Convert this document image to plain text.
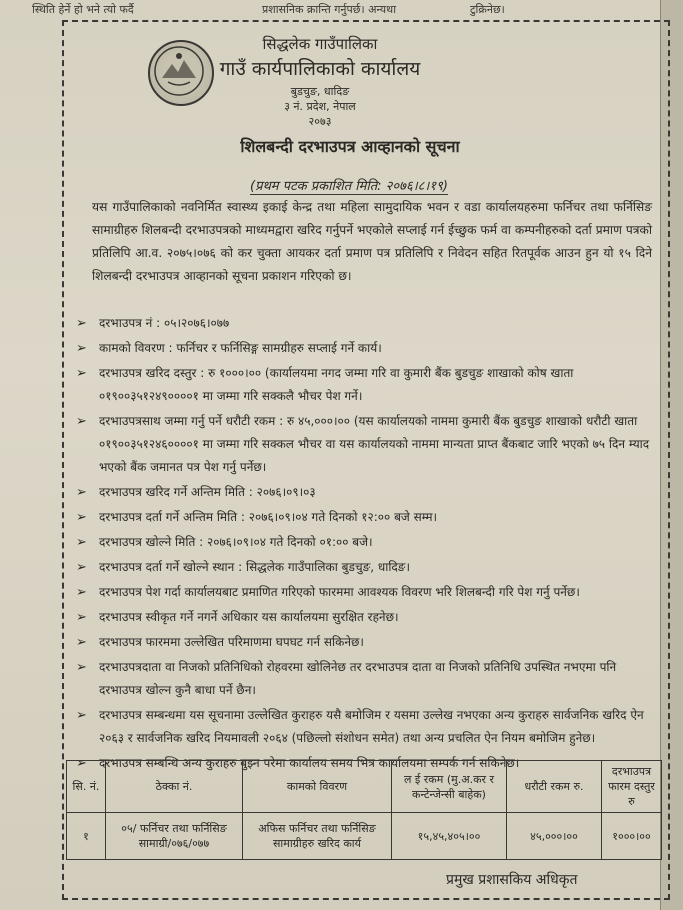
स्थिति हेर्ने हो भने त्यो फर्दै	प्रशासनिक क्रान्ति गर्नुपर्छ। अन्यथा	टुक्रिनेछ।
सिद्धलेक गाउँपालिका
गाउँ कार्यपालिकाको कार्यालय
बुडचुङ, धादिङ
३ नं. प्रदेश, नेपाल
२०७३
शिलबन्दी दरभाउपत्र आव्हानको सूचना
(प्रथम पटक प्रकाशित मिति: २०७६।८।१९)
यस गाउँपालिकाको नवनिर्मित स्वास्थ्य इकाई केन्द्र तथा महिला सामुदायिक भवन र वडा कार्यालयहरुमा फर्निचर तथा फर्निसिङ सामाग्रीहरु शिलबन्दी दरभाउपत्रको माध्यमद्वारा खरिद गर्नुपर्ने भएकोले सप्लाई गर्न ईच्छुक फर्म वा कम्पनीहरुको दर्ता प्रमाण पत्रको प्रतिलिपि आ.व. २०७५।०७६ को कर चुक्ता आयकर दर्ता प्रमाण पत्र प्रतिलिपि र निवेदन सहित रितपूर्वक आउन हुन यो १५ दिने शिलबन्दी दरभाउपत्र आव्हानको सूचना प्रकाशन गरिएको छ।
➢ दरभाउपत्र नं : ०५।२०७६।०७७
➢ कामको विवरण : फर्निचर र फर्निसिङ्ग सामग्रीहरु सप्लाई गर्ने कार्य।
➢ दरभाउपत्र खरिद दस्तुर : रु १०००।०० (कार्यालयमा नगद जम्मा गरि वा कुमारी बैंक बुडचुङ शाखाको कोष खाता ०१९००३५१२४९००००१ मा जम्मा गरि सक्कलै भौचर पेश गर्ने।
➢ दरभाउपत्रसाथ जम्मा गर्नु पर्ने धरौटी रकम : रु ४५,०००।०० (यस कार्यालयको नाममा कुमारी बैंक बुडचुङ शाखाको धरौटी खाता ०१९००३५१२४६००००१ मा जम्मा गरि सक्कल भौचर वा यस कार्यालयको नाममा मान्यता प्राप्त बैंकबाट जारि भएको ७५ दिन म्याद भएको बैंक जमानत पत्र पेश गर्नु पर्नेछ।
➢ दरभाउपत्र खरिद गर्ने अन्तिम मिति : २०७६।०९।०३
➢ दरभाउपत्र दर्ता गर्ने अन्तिम मिति : २०७६।०९।०४ गते दिनको १२:०० बजे सम्म।
➢ दरभाउपत्र खोल्ने मिति : २०७६।०९।०४ गते दिनको ०१:०० बजे।
➢ दरभाउपत्र दर्ता गर्ने खोल्ने स्थान : सिद्धलेक गाउँपालिका बुडचुङ, धादिङ।
➢ दरभाउपत्र पेश गर्दा कार्यालयबाट प्रमाणित गरिएको फारममा आवश्यक विवरण भरि शिलबन्दी गरि पेश गर्नु पर्नेछ।
➢ दरभाउपत्र स्वीकृत गर्ने नगर्ने अधिकार यस कार्यालयमा सुरक्षित रहनेछ।
➢ दरभाउपत्र फारममा उल्लेखित परिमाणमा घपघट गर्न सकिनेछ।
➢ दरभाउपत्रदाता वा निजको प्रतिनिधिको रोहवरमा खोलिनेछ तर दरभाउपत्र दाता वा निजको प्रतिनिधि उपस्थित नभएमा पनि दरभाउपत्र खोल्न कुनै बाधा पर्ने छैन।
➢ दरभाउपत्र सम्बन्धमा यस सूचनामा उल्लेखित कुराहरु यसै बमोजिम र यसमा उल्लेख नभएका अन्य कुराहरु सार्वजनिक खरिद ऐन २०६३ र सार्वजनिक खरिद नियमावली २०६४ (पछिल्लो संशोधन समेत) तथा अन्य प्रचलित ऐन नियम बमोजिम हुनेछ।
➢ दरभाउपत्र सम्बन्धि अन्य कुराहरु बुझ्न परेमा कार्यालय समय भित्र कार्यालयमा सम्पर्क गर्न सकिनेछ।
सि. नं.	ठेक्का नं.	कामको विवरण	ल ई रकम (मु.अ.कर र कन्टेन्जेन्सी बाहेक)	धरौटी रकम रु.	दरभाउपत्र फारम दस्तुर रु
१	०५/ फर्निचर तथा फर्निसिङ सामाग्री/०७६/०७७	अफिस फर्निचर तथा फर्निसिङ सामाग्रीहरु खरिद कार्य	१५,४५,४०५।००	४५,०००।००	१०००।००
प्रमुख प्रशासकिय अधिकृत
